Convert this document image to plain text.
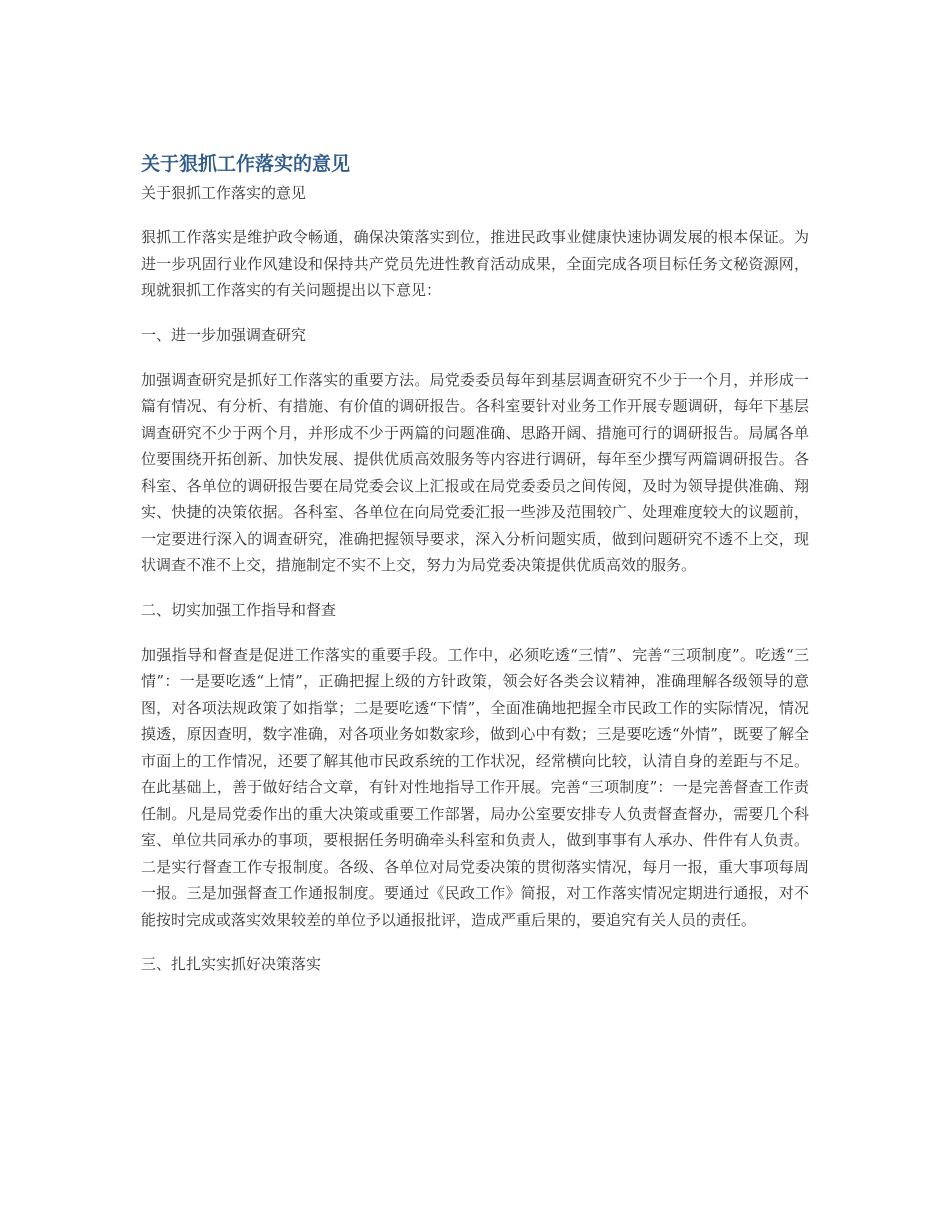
关于狠抓工作落实的意见

关于狠抓工作落实的意见

狠抓工作落实是维护政令畅通，确保决策落实到位，推进民政事业健康快速协调发展的根本保证。为进一步巩固行业作风建设和保持共产党员先进性教育活动成果，全面完成各项目标任务文秘资源网，现就狠抓工作落实的有关问题提出以下意见：

一、进一步加强调查研究

加强调查研究是抓好工作落实的重要方法。局党委委员每年到基层调查研究不少于一个月，并形成一篇有情况、有分析、有措施、有价值的调研报告。各科室要针对业务工作开展专题调研，每年下基层调查研究不少于两个月，并形成不少于两篇的问题准确、思路开阔、措施可行的调研报告。局属各单位要围绕开拓创新、加快发展、提供优质高效服务等内容进行调研，每年至少撰写两篇调研报告。各科室、各单位的调研报告要在局党委会议上汇报或在局党委委员之间传阅，及时为领导提供准确、翔实、快捷的决策依据。各科室、各单位在向局党委汇报一些涉及范围较广、处理难度较大的议题前，一定要进行深入的调查研究，准确把握领导要求，深入分析问题实质，做到问题研究不透不上交，现状调查不准不上交，措施制定不实不上交，努力为局党委决策提供优质高效的服务。

二、切实加强工作指导和督查

加强指导和督查是促进工作落实的重要手段。工作中，必须吃透“三情”、完善“三项制度”。吃透“三情”：一是要吃透“上情”，正确把握上级的方针政策，领会好各类会议精神，准确理解各级领导的意图，对各项法规政策了如指掌；二是要吃透“下情”，全面准确地把握全市民政工作的实际情况，情况摸透，原因查明，数字准确，对各项业务如数家珍，做到心中有数；三是要吃透“外情”，既要了解全市面上的工作情况，还要了解其他市民政系统的工作状况，经常横向比较，认清自身的差距与不足。在此基础上，善于做好结合文章，有针对性地指导工作开展。完善“三项制度”：一是完善督查工作责任制。凡是局党委作出的重大决策或重要工作部署，局办公室要安排专人负责督查督办，需要几个科室、单位共同承办的事项，要根据任务明确牵头科室和负责人，做到事事有人承办、件件有人负责。二是实行督查工作专报制度。各级、各单位对局党委决策的贯彻落实情况，每月一报，重大事项每周一报。三是加强督查工作通报制度。要通过《民政工作》简报，对工作落实情况定期进行通报，对不能按时完成或落实效果较差的单位予以通报批评，造成严重后果的，要追究有关人员的责任。

三、扎扎实实抓好决策落实
